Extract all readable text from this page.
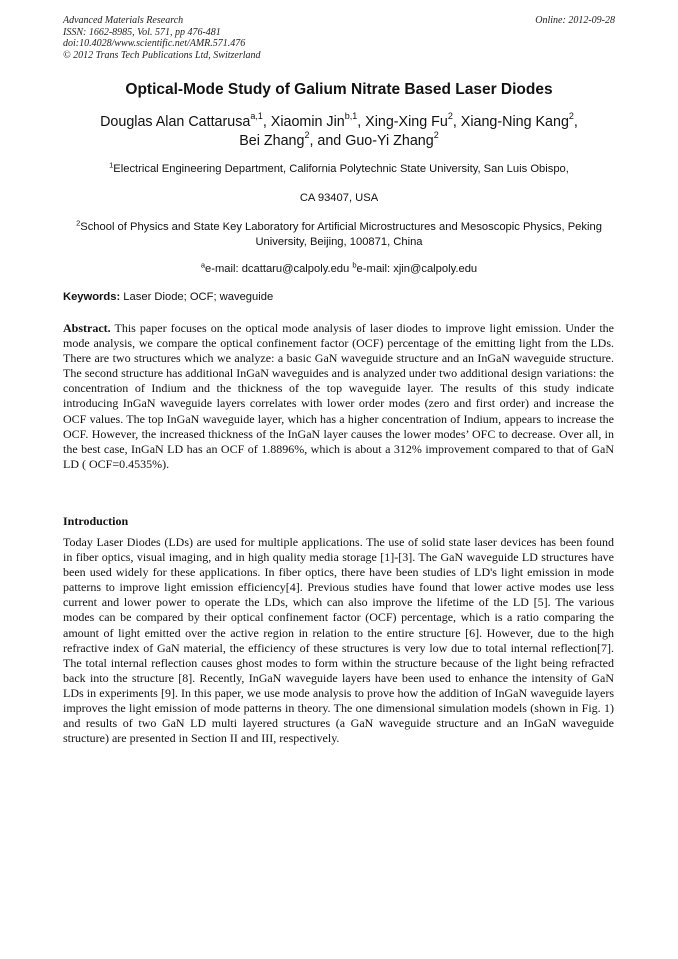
Advanced Materials Research
ISSN: 1662-8985, Vol. 571, pp 476-481
doi:10.4028/www.scientific.net/AMR.571.476
© 2012 Trans Tech Publications Ltd, Switzerland
Online: 2012-09-28
Optical-Mode Study of Galium Nitrate Based Laser Diodes
Douglas Alan Cattarusa$^{a,1}$, Xiaomin Jin$^{b,1}$, Xing-Xing Fu$^2$, Xiang-Ning Kang$^2$,
Bei Zhang$^2$, and Guo-Yi Zhang$^2$
$^1$Electrical Engineering Department, California Polytechnic State University, San Luis Obispo,
CA 93407, USA
$^2$School of Physics and State Key Laboratory for Artificial Microstructures and Mesoscopic Physics, Peking University, Beijing, 100871, China
$^a$e-mail: dcattaru@calpoly.edu $^b$e-mail: xjin@calpoly.edu
Keywords: Laser Diode; OCF; waveguide
Abstract. This paper focuses on the optical mode analysis of laser diodes to improve light emission. Under the mode analysis, we compare the optical confinement factor (OCF) percentage of the emitting light from the LDs. There are two structures which we analyze: a basic GaN waveguide structure and an InGaN waveguide structure. The second structure has additional InGaN waveguides and is analyzed under two additional design variations: the concentration of Indium and the thickness of the top waveguide layer. The results of this study indicate introducing InGaN waveguide layers correlates with lower order modes (zero and first order) and increase the OCF values. The top InGaN waveguide layer, which has a higher concentration of Indium, appears to increase the OCF. However, the increased thickness of the InGaN layer causes the lower modes’ OFC to decrease. Over all, in the best case, InGaN LD has an OCF of 1.8896%, which is about a 312% improvement compared to that of GaN LD ( OCF=0.4535%).
Introduction
Today Laser Diodes (LDs) are used for multiple applications. The use of solid state laser devices has been found in fiber optics, visual imaging, and in high quality media storage [1]-[3]. The GaN waveguide LD structures have been used widely for these applications. In fiber optics, there have been studies of LD's light emission in mode patterns to improve light emission efficiency[4]. Previous studies have found that lower active modes use less current and lower power to operate the LDs, which can also improve the lifetime of the LD [5]. The various modes can be compared by their optical confinement factor (OCF) percentage, which is a ratio comparing the amount of light emitted over the active region in relation to the entire structure [6]. However, due to the high refractive index of GaN material, the efficiency of these structures is very low due to total internal reflection[7]. The total internal reflection causes ghost modes to form within the structure because of the light being refracted back into the structure [8]. Recently, InGaN waveguide layers have been used to enhance the intensity of GaN LDs in experiments [9]. In this paper, we use mode analysis to prove how the addition of InGaN waveguide layers improves the light emission of mode patterns in theory. The one dimensional simulation models (shown in Fig. 1) and results of two GaN LD multi layered structures (a GaN waveguide structure and an InGaN waveguide structure) are presented in Section II and III, respectively.
